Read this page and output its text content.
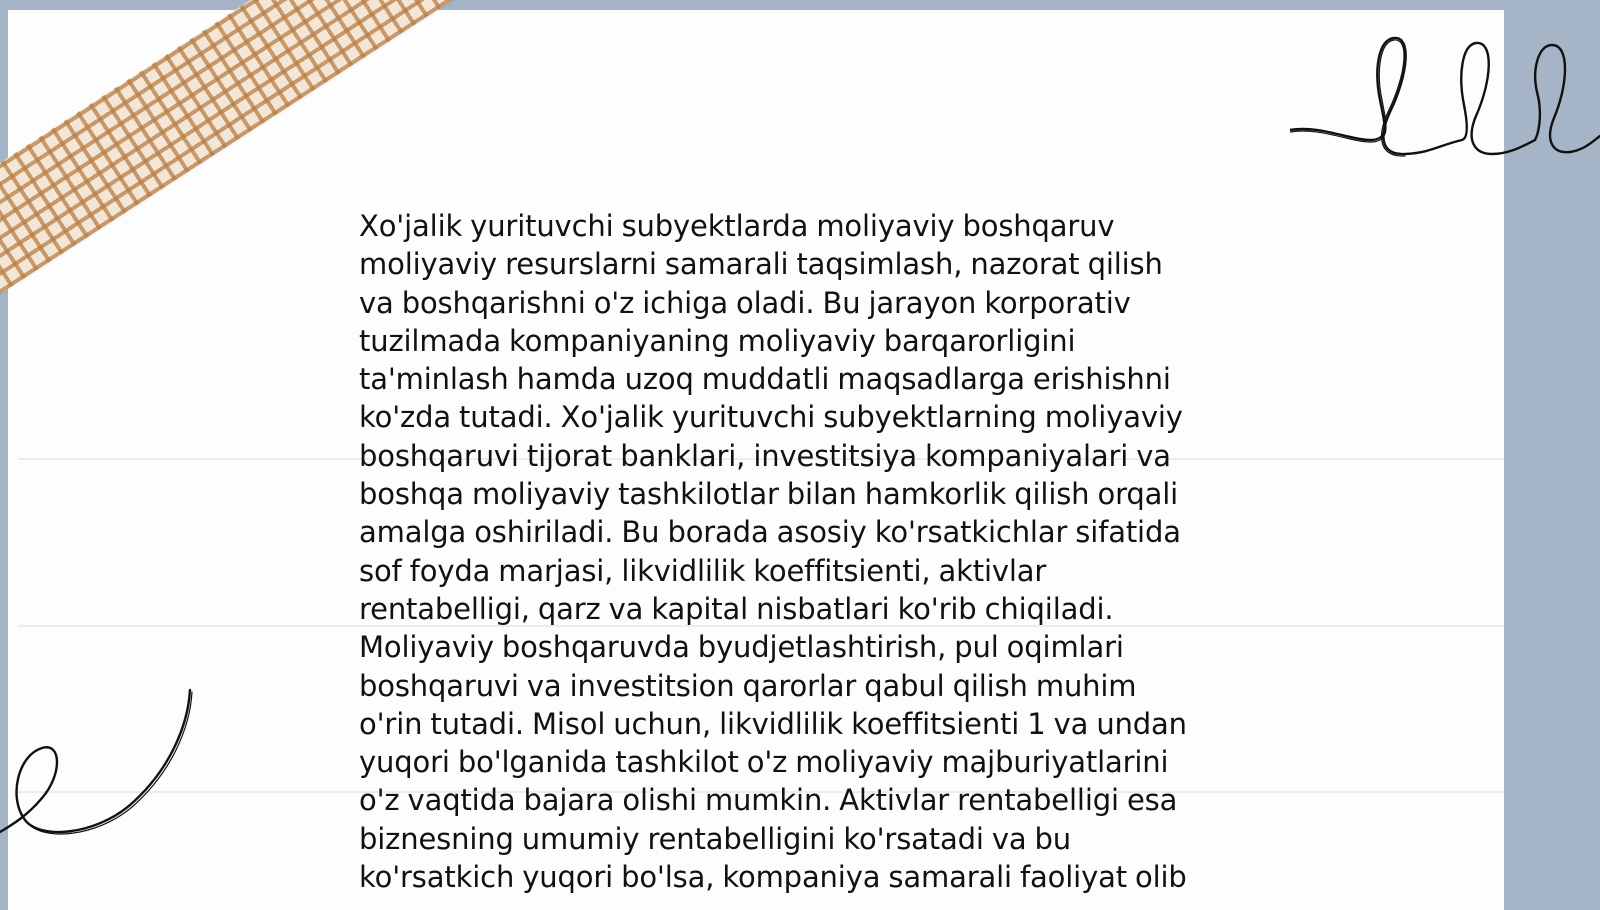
Xo'jalik yurituvchi subyektlarda moliyaviy boshqaruv
moliyaviy resurslarni samarali taqsimlash, nazorat qilish
va boshqarishni o'z ichiga oladi. Bu jarayon korporativ
tuzilmada kompaniyaning moliyaviy barqarorligini
ta'minlash hamda uzoq muddatli maqsadlarga erishishni
ko'zda tutadi. Xo'jalik yurituvchi subyektlarning moliyaviy
boshqaruvi tijorat banklari, investitsiya kompaniyalari va
boshqa moliyaviy tashkilotlar bilan hamkorlik qilish orqali
amalga oshiriladi. Bu borada asosiy ko'rsatkichlar sifatida
sof foyda marjasi, likvidlilik koeffitsienti, aktivlar
rentabelligi, qarz va kapital nisbatlari ko'rib chiqiladi.
Moliyaviy boshqaruvda byudjetlashtirish, pul oqimlari
boshqaruvi va investitsion qarorlar qabul qilish muhim
o'rin tutadi. Misol uchun, likvidlilik koeffitsienti 1 va undan
yuqori bo'lganida tashkilot o'z moliyaviy majburiyatlarini
o'z vaqtida bajara olishi mumkin. Aktivlar rentabelligi esa
biznesning umumiy rentabelligini ko'rsatadi va bu
ko'rsatkich yuqori bo'lsa, kompaniya samarali faoliyat olib
